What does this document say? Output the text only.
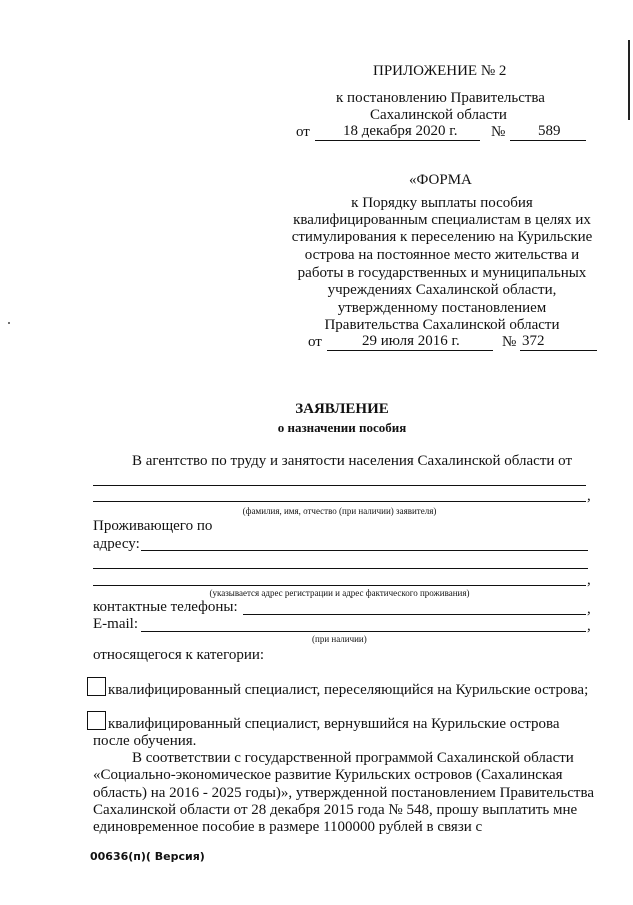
ПРИЛОЖЕНИЕ № 2
к постановлению Правительства
Сахалинской области
от 18 декабря 2020 г. № 589
«ФОРМА
к Порядку выплаты пособия
квалифицированным специалистам в целях их
стимулирования к переселению на Курильские
острова на постоянное место жительства и
работы в государственных и муниципальных
учреждениях Сахалинской области,
утвержденному постановлением
Правительства Сахалинской области
от	29 июля 2016 г.	№ 372
ЗАЯВЛЕНИЕ
о назначении пособия
В агентство по труду и занятости населения Сахалинской области от
,
(фамилия, имя, отчество (при наличии) заявителя)
Проживающего по
адресу:
,
(указывается адрес регистрации и адрес фактического проживания)
контактные телефоны:	,
E-mail:	,
(при наличии)
относящегося к категории:
квалифицированный специалист, переселяющийся на Курильские острова;
квалифицированный специалист, вернувшийся на Курильские острова
после обучения.
В соответствии с государственной программой Сахалинской области
«Социально-экономическое развитие Курильских островов (Сахалинская
область) на 2016 - 2025 годы)», утвержденной постановлением Правительства
Сахалинской области от 28 декабря 2015 года № 548, прошу выплатить мне
единовременное пособие в размере 1100000 рублей в связи с
00636(п)( Версия)
